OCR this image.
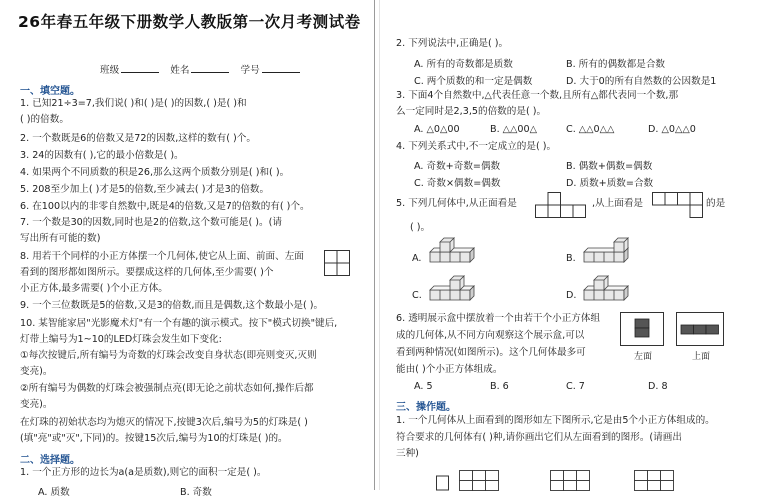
26年春五年级下册数学人教版第一次月考测试卷
班级	姓名	学号
一、填空题。
1. 已知21÷3=7,我们说( )和( )是( )的因数,( )是( )和
( )的倍数。
2. 一个数既是6的倍数又是72的因数,这样的数有( )个。
3. 24的因数有( ),它的最小倍数是( )。
4. 如果两个不同质数的积是26,那么这两个质数分别是( )和( )。
5. 208至少加上( )才是5的倍数,至少减去( )才是3的倍数。
6. 在100以内的非零自然数中,既是4的倍数,又是7的倍数的有( )个。
7. 一个数是30的因数,同时也是2的倍数,这个数可能是( )。(请
写出所有可能的数)
8. 用若干个同样的小正方体摆一个几何体,使它从上面、前面、左面
看到的图形都如图所示。要摆成这样的几何体,至少需要( )个
小正方体,最多需要( )个小正方体。
9. 一个三位数既是5的倍数,又是3的倍数,而且是偶数,这个数最小是( )。
10. 某智能家居"光影魔术灯"有一个有趣的演示模式。按下"模式切换"键后,
灯带上编号为1~10的LED灯珠会发生如下变化:
①每次按键后,所有编号为奇数的灯珠会改变自身状态(即亮则变灭,灭则
变亮)。
②所有编号为偶数的灯珠会被强制点亮(即无论之前状态如何,操作后都
变亮)。
在灯珠的初始状态均为熄灭的情况下,按键3次后,编号为5的灯珠是( )
(填"亮"或"灭",下同)的。按键15次后,编号为10的灯珠是( )的。
二、选择题。
1. 一个正方形的边长为a(a是质数),则它的面积一定是( )。
A. 质数	B. 奇数
2. 下列说法中,正确是( )。
A. 所有的奇数都是质数	B. 所有的偶数都是合数
C. 两个质数的和一定是偶数	D. 大于0的所有自然数的公因数是1
3. 下面4个自然数中,△代表任意一个数,且所有△都代表同一个数,那
么一定同时是2,3,5的倍数的是( )。
A. △0△00	B. △△00△	C. △△0△△	D. △0△△0
4. 下列关系式中,不一定成立的是( )。
A. 奇数+奇数=偶数	B. 偶数+偶数=偶数
C. 奇数×偶数=偶数	D. 质数+质数=合数
5. 下列几何体中,从正面看是	,从上面看是	的是
( )。
A.	B.
C.	D.
6. 透明展示盒中摆放着一个由若干个小正方体组
成的几何体,从不同方向观察这个展示盒,可以
看到两种情况(如图所示)。这个几何体最多可
能由( )个小正方体组成。
左面	上面
A. 5	B. 6	C. 7	D. 8
三、操作题。
1. 一个几何体从上面看到的图形如左下图所示,它是由5个小正方体组成的。
符合要求的几何体有( )种,请你画出它们从左面看到的图形。(请画出
三种)
